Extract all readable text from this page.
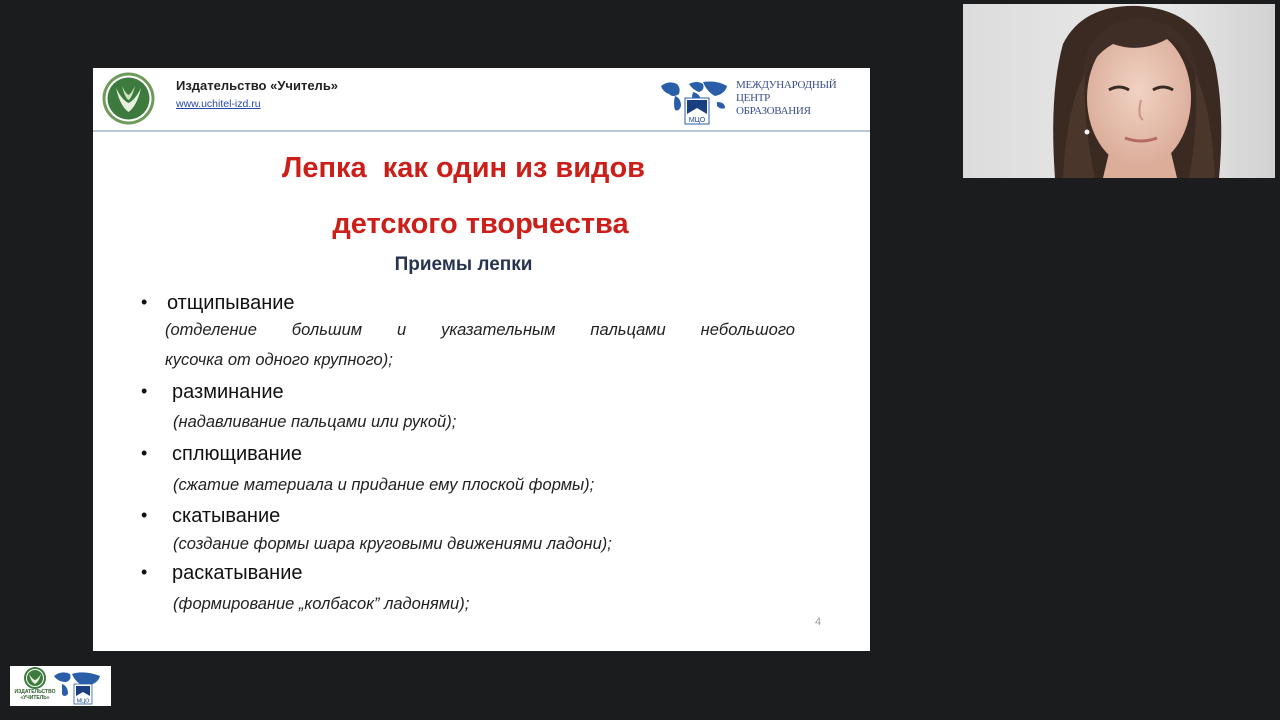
Издательство «Учитель»
www.uchitel-izd.ru
МЦО
МЕЖДУНАРОДНЫЙ
ЦЕНТР
ОБРАЗОВАНИЯ
Лепка  как один из видов
детского творчества
Приемы лепки
• отщипывание
(отделение большим и указательным пальцами небольшого
кусочка от одного крупного);
• разминание
(надавливание пальцами или рукой);
• сплющивание
(сжатие материала и придание ему плоской формы);
• скатывание
(создание формы шара круговыми движениями ладони);
• раскатывание
(формирование „колбасок” ладонями);
4
МЦО
ИЗДАТЕЛЬСТВО
«УЧИТЕЛЬ»
